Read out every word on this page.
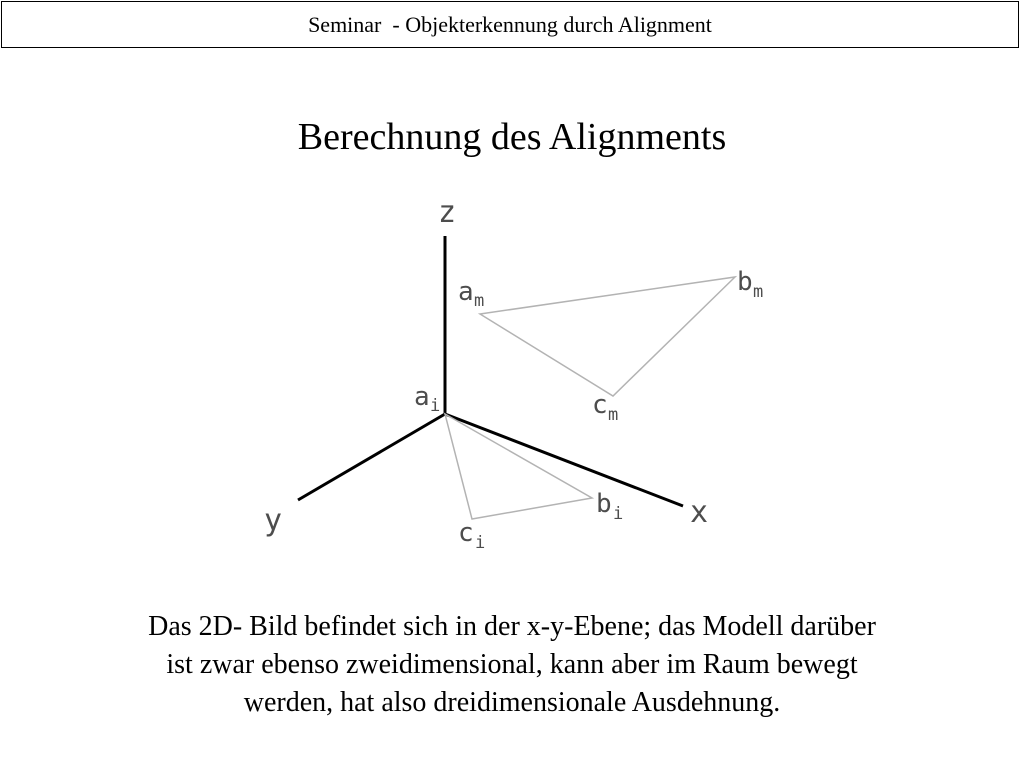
Seminar  - Objekterkennung durch Alignment
Berechnung des Alignments
z
y	x
a m
b m
c m
a i
b i
c i
Das 2D- Bild befindet sich in der x-y-Ebene; das Modell darüber
ist zwar ebenso zweidimensional, kann aber im Raum bewegt
werden, hat also dreidimensionale Ausdehnung.
